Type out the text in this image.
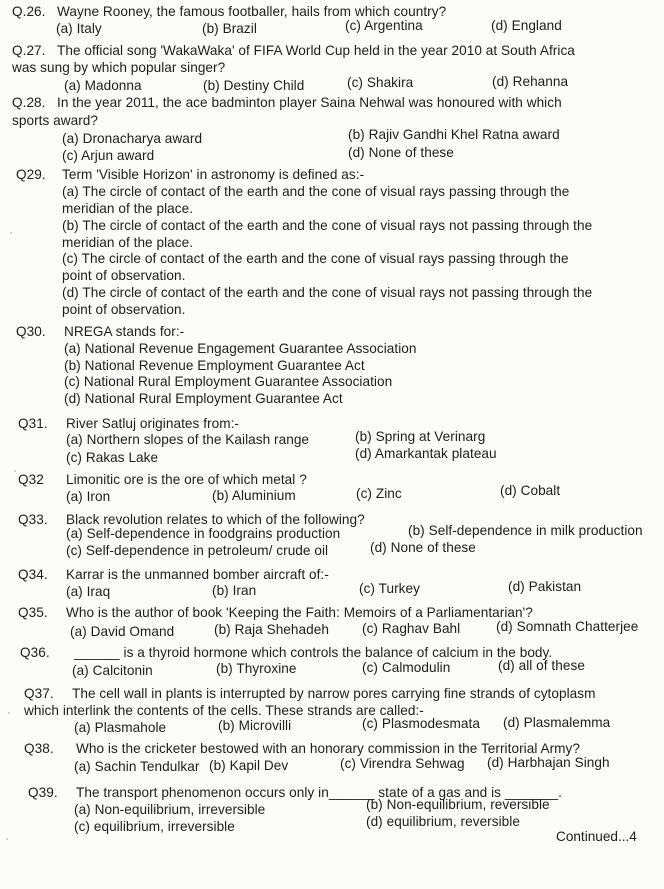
Q.26. Wayne Rooney, the famous footballer, hails from which country?
(a) Italy	(b) Brazil	(c) Argentina	(d) England
Q.27. The official song 'WakaWaka' of FIFA World Cup held in the year 2010 at South Africa
was sung by which popular singer?
(a) Madonna	(b) Destiny Child	(c) Shakira	(d) Rehanna
Q.28. In the year 2011, the ace badminton player Saina Nehwal was honoured with which
sports award?
(a) Dronacharya award	(b) Rajiv Gandhi Khel Ratna award
(c) Arjun award	(d) None of these
Q29. Term 'Visible Horizon' in astronomy is defined as:-
(a) The circle of contact of the earth and the cone of visual rays passing through the
meridian of the place.
(b) The circle of contact of the earth and the cone of visual rays not passing through the
meridian of the place.
(c) The circle of contact of the earth and the cone of visual rays passing through the
point of observation.
(d) The circle of contact of the earth and the cone of visual rays not passing through the
point of observation.
Q30. NREGA stands for:-
(a) National Revenue Engagement Guarantee Association
(b) National Revenue Employment Guarantee Act
(c) National Rural Employment Guarantee Association
(d) National Rural Employment Guarantee Act
Q31. River Satluj originates from:-
(a) Northern slopes of the Kailash range	(b) Spring at Verinarg
(c) Rakas Lake	(d) Amarkantak plateau
Q32 Limonitic ore is the ore of which metal ?
(a) Iron	(b) Aluminium	(c) Zinc	(d) Cobalt
Q33. Black revolution relates to which of the following?
(a) Self-dependence in foodgrains production	(b) Self-dependence in milk production
(c) Self-dependence in petroleum/ crude oil	(d) None of these
Q34. Karrar is the unmanned bomber aircraft of:-
(a) Iraq	(b) Iran	(c) Turkey	(d) Pakistan
Q35. Who is the author of book 'Keeping the Faith: Memoirs of a Parliamentarian'?
(a) David Omand	(b) Raja Shehadeh (c) Raghav Bahl	(d) Somnath Chatterjee
Q36. ______ is a thyroid hormone which controls the balance of calcium in the body.
(a) Calcitonin	(b) Thyroxine	(c) Calmodulin	(d) all of these
Q37. The cell wall in plants is interrupted by narrow pores carrying fine strands of cytoplasm
which interlink the contents of the cells. These strands are called:-
(a) Plasmahole	(b) Microvilli	(c) Plasmodesmata (d) Plasmalemma
Q38. Who is the cricketer bestowed with an honorary commission in the Territorial Army?
(a) Sachin Tendulkar (b) Kapil Dev	(c) Virendra Sehwag (d) Harbhajan Singh
Q39. The transport phenomenon occurs only in______ state of a gas and is _______.
(a) Non-equilibrium, irreversible	(b) Non-equilibrium, reversible
(c) equilibrium, irreversible	(d) equilibrium, reversible
Continued...4
